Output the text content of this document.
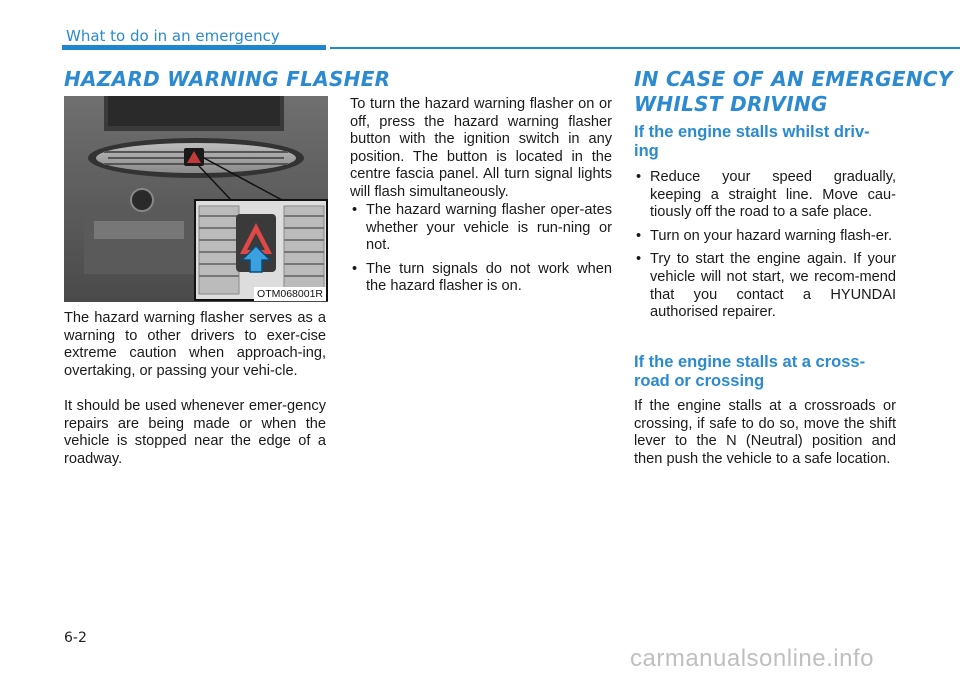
What to do in an emergency
HAZARD WARNING FLASHER
OTM068001R

The hazard warning flasher serves as a warning to other drivers to exer-cise extreme caution when approach-ing, overtaking, or passing your vehi-cle.

It should be used whenever emer-gency repairs are being made or when the vehicle is stopped near the edge of a roadway.

To turn the hazard warning flasher on or off, press the hazard warning flasher button with the ignition switch in any position. The button is located in the centre fascia panel. All turn signal lights will flash simultaneously.

• The hazard warning flasher oper-ates whether your vehicle is run-ning or not.
• The turn signals do not work when the hazard flasher is on.
IN CASE OF AN EMERGENCY
WHILST DRIVING
If the engine stalls whilst driv-
ing
• Reduce your speed gradually, keeping a straight line. Move cau-tiously off the road to a safe place.
• Turn on your hazard warning flash-er.
• Try to start the engine again. If your vehicle will not start, we recom-mend that you contact a HYUNDAI authorised repairer.
If the engine stalls at a cross-
road or crossing

If the engine stalls at a crossroads or crossing, if safe to do so, move the shift lever to the N (Neutral) position and then push the vehicle to a safe location.

6-2
carmanualsonline.info
